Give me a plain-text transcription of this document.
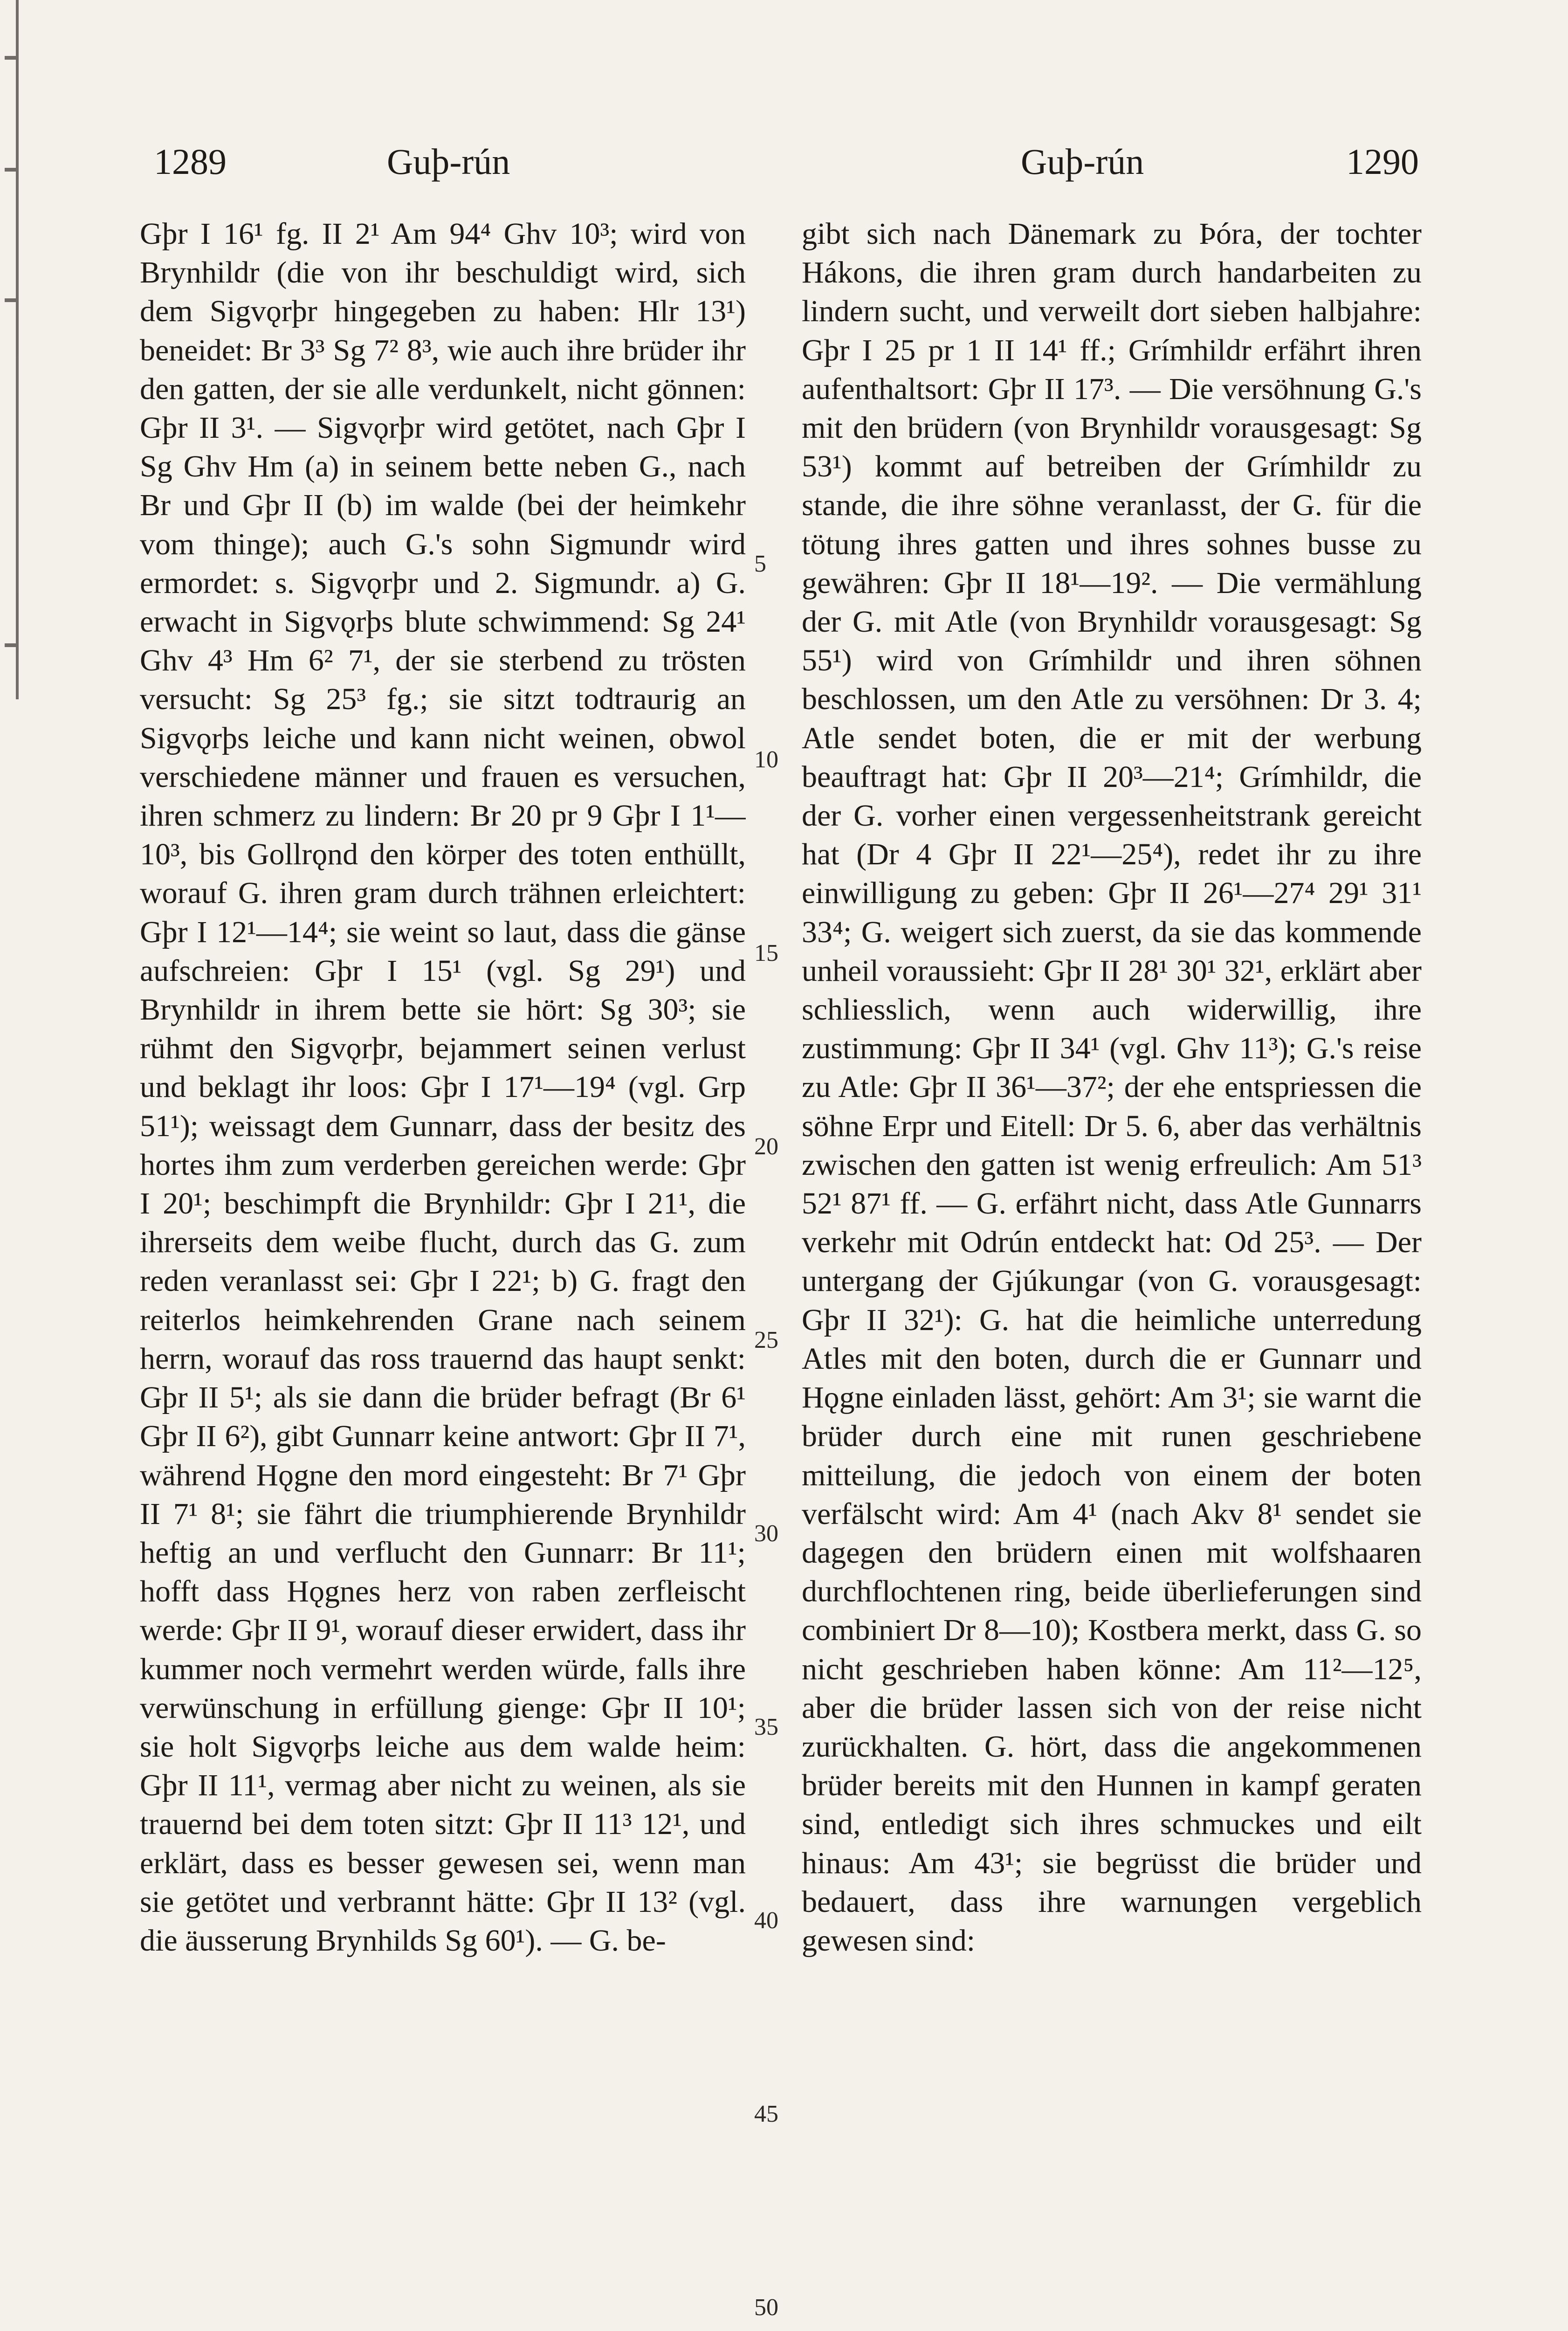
1289	Guþ-rún	Guþ-rún	1290
Gþr I 16¹ fg. II 2¹ Am 94⁴ Ghv 10³; wird von Brynhildr (die von ihr beschuldigt wird, sich dem Sigvǫrþr hingegeben zu haben: Hlr 13¹) beneidet: Br 3³ Sg 7² 8³, wie auch ihre brüder ihr den gatten, der sie alle verdunkelt, nicht gönnen: Gþr II 3¹. — Sigvǫrþr wird getötet, nach Gþr I Sg Ghv Hm (a) in seinem bette neben G., nach Br und Gþr II (b) im walde (bei der heimkehr vom thinge); auch G.'s sohn Sigmundr wird ermordet: s. Sigvǫrþr und 2. Sigmundr. a) G. erwacht in Sigvǫrþs blute schwimmend: Sg 24¹ Ghv 4³ Hm 6² 7¹, der sie sterbend zu trösten versucht: Sg 25³ fg.; sie sitzt todtraurig an Sigvǫrþs leiche und kann nicht weinen, obwol verschiedene männer und frauen es versuchen, ihren schmerz zu lindern: Br 20 pr 9 Gþr I 1¹—10³, bis Gollrǫnd den körper des toten enthüllt, worauf G. ihren gram durch trähnen erleichtert: Gþr I 12¹—14⁴; sie weint so laut, dass die gänse aufschreien: Gþr I 15¹ (vgl. Sg 29¹) und Brynhildr in ihrem bette sie hört: Sg 30³; sie rühmt den Sigvǫrþr, bejammert seinen verlust und beklagt ihr loos: Gþr I 17¹—19⁴ (vgl. Grp 51¹); weissagt dem Gunnarr, dass der besitz des hortes ihm zum verderben gereichen werde: Gþr I 20¹; beschimpft die Brynhildr: Gþr I 21¹, die ihrerseits dem weibe flucht, durch das G. zum reden veranlasst sei: Gþr I 22¹; b) G. fragt den reiterlos heimkehrenden Grane nach seinem herrn, worauf das ross trauernd das haupt senkt: Gþr II 5¹; als sie dann die brüder befragt (Br 6¹ Gþr II 6²), gibt Gunnarr keine antwort: Gþr II 7¹, während Hǫgne den mord eingesteht: Br 7¹ Gþr II 7¹ 8¹; sie fährt die triumphierende Brynhildr heftig an und verflucht den Gunnarr: Br 11¹; hofft dass Hǫgnes herz von raben zerfleischt werde: Gþr II 9¹, worauf dieser erwidert, dass ihr kummer noch vermehrt werden würde, falls ihre verwünschung in erfüllung gienge: Gþr II 10¹; sie holt Sigvǫrþs leiche aus dem walde heim: Gþr II 11¹, vermag aber nicht zu weinen, als sie trauernd bei dem toten sitzt: Gþr II 11³ 12¹, und erklärt, dass es besser gewesen sei, wenn man sie getötet und verbrannt hätte: Gþr II 13² (vgl. die äusserung Brynhilds Sg 60¹). — G. be-
5
10
15
20
25
30
35
40
45
50
gibt sich nach Dänemark zu Þóra, der tochter Hákons, die ihren gram durch handarbeiten zu lindern sucht, und verweilt dort sieben halbjahre: Gþr I 25 pr 1 II 14¹ ff.; Grímhildr erfährt ihren aufenthaltsort: Gþr II 17³. — Die versöhnung G.'s mit den brüdern (von Brynhildr vorausgesagt: Sg 53¹) kommt auf betreiben der Grímhildr zu stande, die ihre söhne veranlasst, der G. für die tötung ihres gatten und ihres sohnes busse zu gewähren: Gþr II 18¹—19². — Die vermählung der G. mit Atle (von Brynhildr vorausgesagt: Sg 55¹) wird von Grímhildr und ihren söhnen beschlossen, um den Atle zu versöhnen: Dr 3. 4; Atle sendet boten, die er mit der werbung beauftragt hat: Gþr II 20³—21⁴; Grímhildr, die der G. vorher einen vergessenheitstrank gereicht hat (Dr 4 Gþr II 22¹—25⁴), redet ihr zu ihre einwilligung zu geben: Gþr II 26¹—27⁴ 29¹ 31¹ 33⁴; G. weigert sich zuerst, da sie das kommende unheil voraussieht: Gþr II 28¹ 30¹ 32¹, erklärt aber schliesslich, wenn auch widerwillig, ihre zustimmung: Gþr II 34¹ (vgl. Ghv 11³); G.'s reise zu Atle: Gþr II 36¹—37²; der ehe entspriessen die söhne Erpr und Eitell: Dr 5. 6, aber das verhältnis zwischen den gatten ist wenig erfreulich: Am 51³ 52¹ 87¹ ff. — G. erfährt nicht, dass Atle Gunnarrs verkehr mit Odrún entdeckt hat: Od 25³. — Der untergang der Gjúkungar (von G. vorausgesagt: Gþr II 32¹): G. hat die heimliche unterredung Atles mit den boten, durch die er Gunnarr und Hǫgne einladen lässt, gehört: Am 3¹; sie warnt die brüder durch eine mit runen geschriebene mitteilung, die jedoch von einem der boten verfälscht wird: Am 4¹ (nach Akv 8¹ sendet sie dagegen den brüdern einen mit wolfshaaren durchflochtenen ring, beide überlieferungen sind combiniert Dr 8—10); Kostbera merkt, dass G. so nicht geschrieben haben könne: Am 11²—12⁵, aber die brüder lassen sich von der reise nicht zurückhalten. G. hört, dass die angekommenen brüder bereits mit den Hunnen in kampf geraten sind, entledigt sich ihres schmuckes und eilt hinaus: Am 43¹; sie begrüsst die brüder und bedauert, dass ihre warnungen vergeblich gewesen sind:
